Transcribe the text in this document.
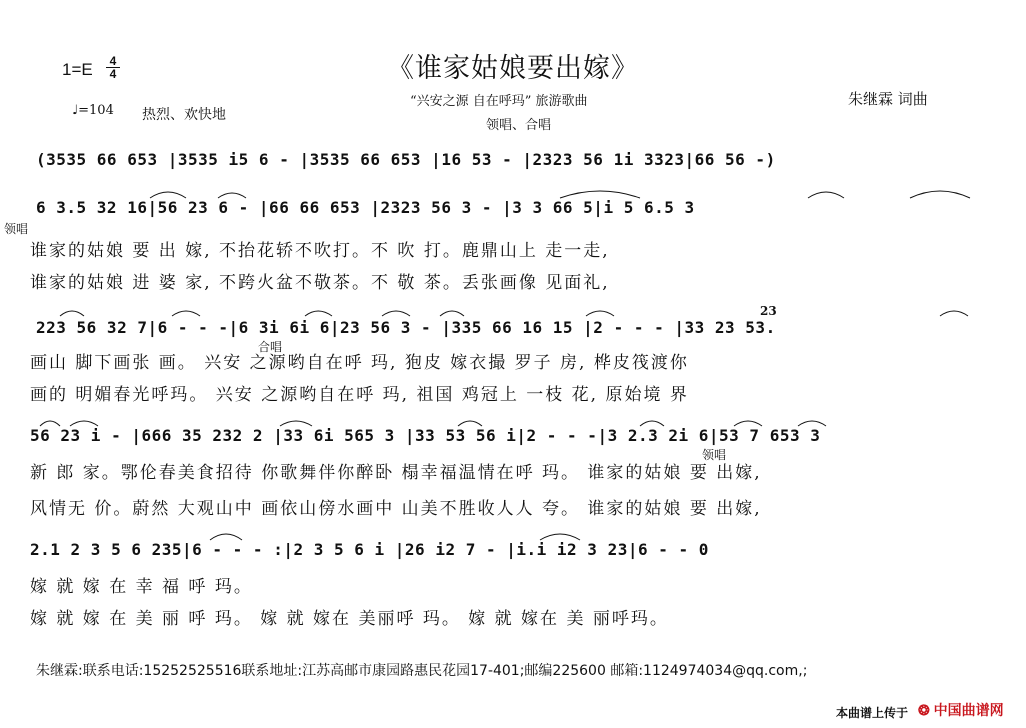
1=E	4
4	《谁家姑娘要出嫁》
“兴安之源 自在呼玛” 旅游歌曲
领唱、合唱
朱继霖 词曲
♩=104 热烈、欢快地
(3535 66 653 |3535 i5 6 - |3535 66 653 |16 53 - |2323 56 1i 3323|66 56 -)
6 3.5 32 16|56 23 6 - |66 66 653 |2323 56 3 - |3 3 66 5|i 5 6.5 3
领唱
谁家的姑娘 要 出 嫁, 不抬花轿不吹打。不 吹 打。鹿鼎山上 走一走,
谁家的姑娘 进 婆 家, 不跨火盆不敬茶。不 敬 茶。丢张画像 见面礼,
223 56 32 7|6 - - -|6 3i 6i 6|23 56 3 - |335 66 16 15 |2 - - - |33 23 53.
合唱
23
画山 脚下画张 画。 兴安 之源哟自在呼 玛, 狍皮 嫁衣撮 罗子 房, 桦皮筏渡你
画的 明媚春光呼玛。 兴安 之源哟自在呼 玛, 祖国 鸡冠上 一枝 花, 原始境 界
56 23 i - |666 35 232 2 |33 6i 565 3 |33 53 56 i|2 - - -|3 2.3 2i 6|53 7 653 3
领唱
新 郎 家。鄂伦春美食招待 你歌舞伴你醉卧 榻幸福温情在呼 玛。 谁家的姑娘 要 出嫁,
风情无 价。蔚然 大观山中 画依山傍水画中 山美不胜收人人 夸。 谁家的姑娘 要 出嫁,
2.1 2 3 5 6 235|6 - - - :|2 3 5 6 i |26 i2 7 - |i.i i2 3 23|6 - - 0
嫁 就 嫁 在 幸 福 呼 玛。
嫁 就 嫁 在 美 丽 呼 玛。 嫁 就 嫁在 美丽呼 玛。 嫁 就 嫁在 美 丽呼玛。
朱继霖:联系电话:15252525516联系地址:江苏高邮市康园路惠民花园17-401;邮编225600 邮箱:1124974034@qq.com,;
本曲谱上传于 ❂ 中国曲谱网
